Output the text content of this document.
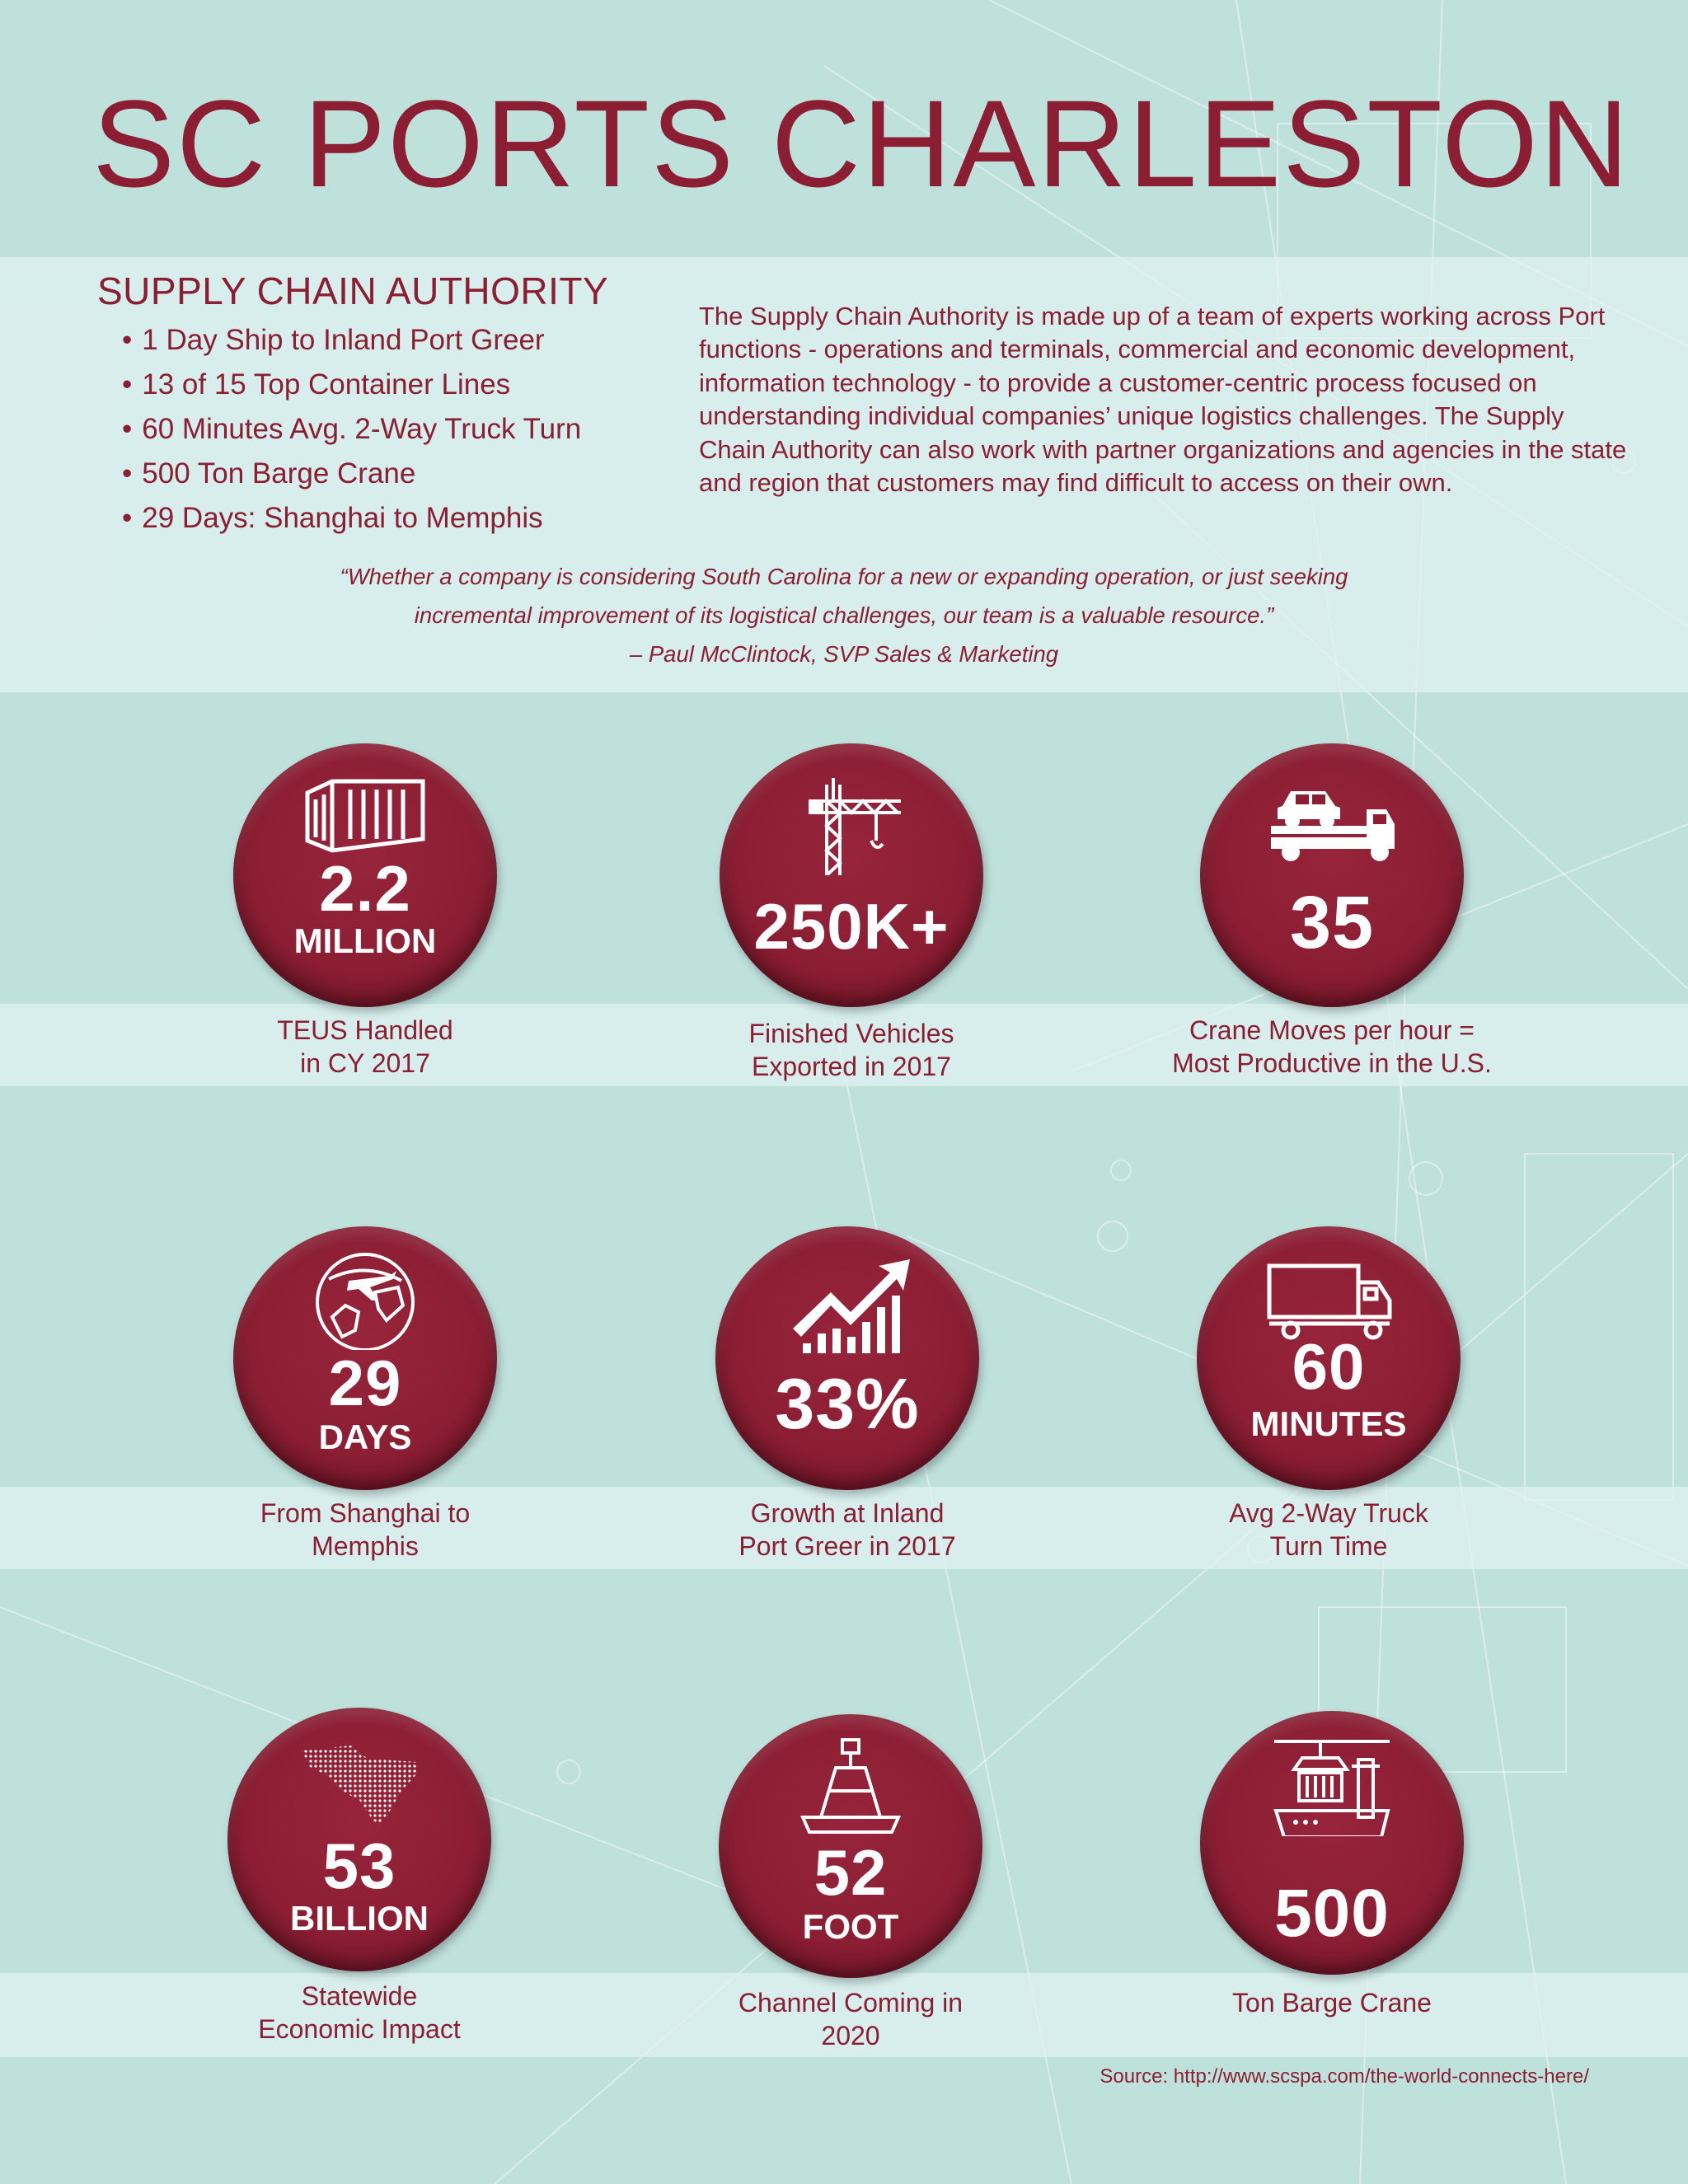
SC PORTS CHARLESTON
SUPPLY CHAIN AUTHORITY
• 1 Day Ship to Inland Port Greer
• 13 of 15 Top Container Lines
• 60 Minutes Avg. 2-Way Truck Turn
• 500 Ton Barge Crane
• 29 Days: Shanghai to Memphis

The Supply Chain Authority is made up of a team of experts working across Port functions - operations and terminals, commercial and economic development, information technology - to provide a customer-centric process focused on understanding individual companies’ unique logistics challenges. The Supply Chain Authority can also work with partner organizations and agencies in the state and region that customers may find difficult to access on their own.

“Whether a company is considering South Carolina for a new or expanding operation, or just seeking
incremental improvement of its logistical challenges, our team is a valuable resource.”
– Paul McClintock, SVP Sales & Marketing
2.2
MILLION
TEUS Handled
in CY 2017
250K+
Finished Vehicles
Exported in 2017
35
Crane Moves per hour =
Most Productive in the U.S.
29
DAYS
From Shanghai to
Memphis
33%
Growth at Inland
Port Greer in 2017
60
MINUTES
Avg 2-Way Truck
Turn Time
53
BILLION
Statewide
Economic Impact
52
FOOT
Channel Coming in
2020
500
Ton Barge Crane
Source: http://www.scspa.com/the-world-connects-here/
